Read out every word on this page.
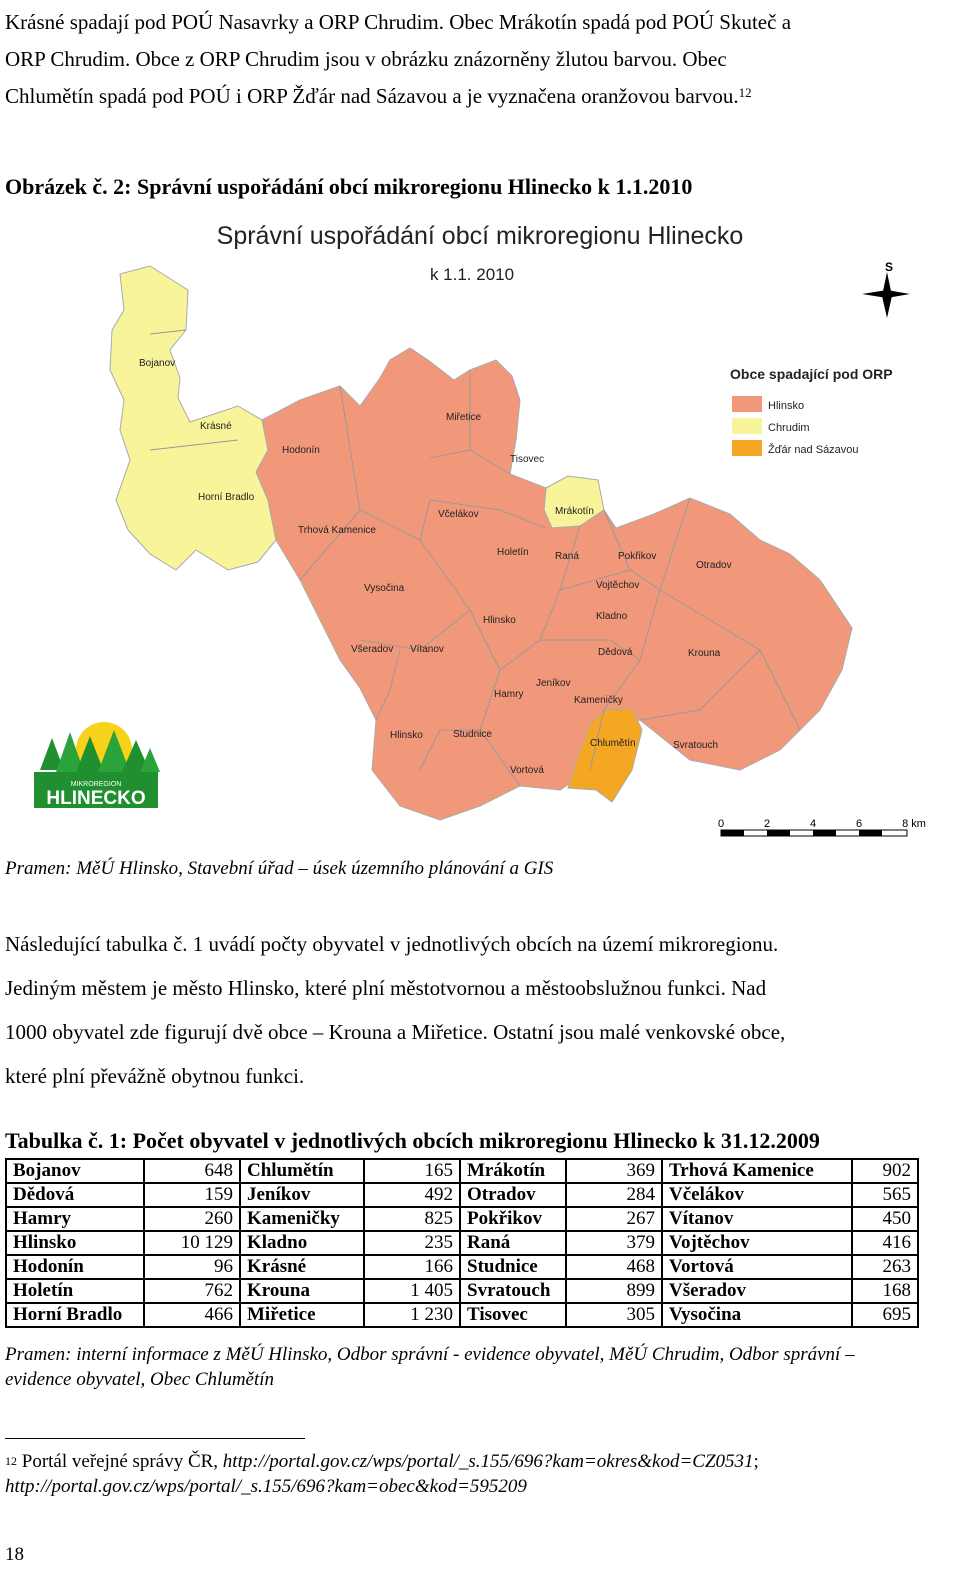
Krásné spadají pod POÚ Nasavrky a ORP Chrudim. Obec Mrákotín spadá pod POÚ Skuteč a
ORP Chrudim. Obce z ORP Chrudim jsou v obrázku znázorněny žlutou barvou. Obec
Chlumětín spadá pod POÚ i ORP Žďár nad Sázavou a je vyznačena oranžovou barvou.$^{12}$
Obrázek č. 2: Správní uspořádání obcí mikroregionu Hlinecko k 1.1.2010
Správní uspořádání obcí mikroregionu Hlinecko
k 1.1. 2010	S
Bojanov
Krásné
Hodonín
Horní Bradlo
Trhová Kamenice
Miřetice
Tisovec
Včelákov	Mrákotín
Holetín	Raná	Pokřikov
Otradov
Vysočina	Vojtěchov
Hlinsko	Kladno
Všeradov Vítanov	Dědová	Krouna
Jeníkov
Hamry
Kameničky
Hlinsko	Studnice
Chlumětín	Svratouch
Vortová
Obce spadající pod ORP
Hlinsko
Chrudim
Žďár nad Sázavou
0	2	4	6	8 km
MIKROREGION
HLINECKO
Pramen: MěÚ Hlinsko, Stavební úřad – úsek územního plánování a GIS
Následující tabulka č. 1 uvádí počty obyvatel v jednotlivých obcích na území mikroregionu.
Jediným městem je město Hlinsko, které plní městotvornou a městoobslužnou funkci. Nad
1000 obyvatel zde figurují dvě obce – Krouna a Miřetice. Ostatní jsou malé venkovské obce,
které plní převážně obytnou funkci.
Tabulka č. 1: Počet obyvatel v jednotlivých obcích mikroregionu Hlinecko k 31.12.2009
Bojanov	648	Chlumětín	165	Mrákotín	369	Trhová Kamenice	902
Dědová	159	Jeníkov	492	Otradov	284	Včelákov	565
Hamry	260	Kameničky	825	Pokřikov	267	Vítanov	450
Hlinsko	10 129	Kladno	235	Raná	379	Vojtěchov	416
Hodonín	96	Krásné	166	Studnice	468	Vortová	263
Holetín	762	Krouna	1 405	Svratouch	899	Všeradov	168
Horní Bradlo	466	Miřetice	1 230	Tisovec	305	Vysočina	695
Pramen: interní informace z MěÚ Hlinsko, Odbor správní - evidence obyvatel, MěÚ Chrudim, Odbor správní –
evidence obyvatel, Obec Chlumětín
$^{12}$ Portál veřejné správy ČR, http://portal.gov.cz/wps/portal/_s.155/696?kam=okres&kod=CZ0531;
http://portal.gov.cz/wps/portal/_s.155/696?kam=obec&kod=595209
18
